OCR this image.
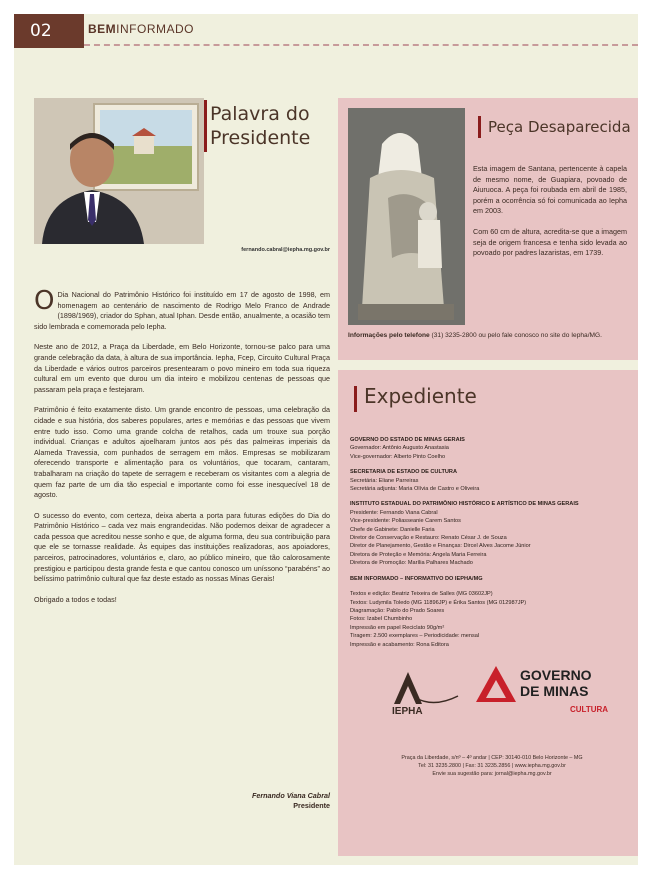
02	BEMINFORMADO
Palavra do
Presidente
fernando.cabral@iepha.mg.gov.br

O Dia Nacional do Patrimônio Histórico foi instituído em 17 de agosto de 1998, em homenagem ao centenário de nascimento de Rodrigo Melo Franco de Andrade (1898/1969), criador do Sphan, atual Iphan. Desde então, anualmente, a ocasião tem sido lembrada e comemorada pelo Iepha.

Neste ano de 2012, a Praça da Liberdade, em Belo Horizonte, tornou-se palco para uma grande celebração da data, à altura de sua importância. Iepha, Fcep, Circuito Cultural Praça da Liberdade e vários outros parceiros presentearam o povo mineiro em toda sua riqueza cultural em um evento que durou um dia inteiro e mobilizou centenas de pessoas que passaram pela praça e festejaram.

Patrimônio é feito exatamente disto. Um grande encontro de pessoas, uma celebração da cidade e sua história, dos saberes populares, artes e memórias e das pessoas que vivem entre tudo isso. Como uma grande colcha de retalhos, cada um trouxe sua porção individual. Crianças e adultos ajoelharam juntos aos pés das palmeiras imperiais da Alameda Travessia, com punhados de serragem em mãos. Empresas se mobilizaram oferecendo transporte e alimentação para os voluntários, que tocaram, cantaram, trabalharam na criação do tapete de serragem e receberam os visitantes com a alegria de quem faz parte de um dia tão especial e importante como foi esse inesquecível 18 de agosto.

O sucesso do evento, com certeza, deixa aberta a porta para futuras edições do Dia do Patrimônio Histórico – cada vez mais engrandecidas. Não podemos deixar de agradecer a cada pessoa que acreditou nesse sonho e que, de alguma forma, deu sua contribuição para que ele se tornasse realidade. Às equipes das instituições realizadoras, aos apoiadores, parceiros, patrocinadores, voluntários e, claro, ao público mineiro, que tão calorosamente prestigiou e participou desta grande festa e que cantou conosco um uníssono “parabéns” ao belíssimo patrimônio cultural que faz deste estado as nossas Minas Gerais!

Obrigado a todos e todas!

Fernando Viana Cabral
Presidente
Peça Desaparecida

Esta imagem de Santana, pertencente à capela de mesmo nome, de Guapiara, povoado de Aiuruoca. A peça foi roubada em abril de 1985, porém a ocorrência só foi comunicada ao Iepha em 2003.

Com 60 cm de altura, acredita-se que a imagem seja de origem francesa e tenha sido levada ao povoado por padres lazaristas, em 1739.

Informações pelo telefone (31) 3235-2800 ou pelo fale conosco no site do Iepha/MG.
Expediente
GOVERNO DO ESTADO DE MINAS GERAIS
Governador: Antônio Augusto Anastasia
Vice-governador: Alberto Pinto Coelho
SECRETARIA DE ESTADO DE CULTURA
Secretária: Eliane Parreiras
Secretária adjunta: Maria Olívia de Castro e Oliveira
INSTITUTO ESTADUAL DO PATRIMÔNIO HISTÓRICO E ARTÍSTICO DE MINAS GERAIS
Presidente: Fernando Viana Cabral
Vice-presidente: Poliasseanie Carem Santos
Chefe de Gabinete: Danielle Faria
Diretor de Conservação e Restauro: Renato César J. de Souza
Diretor de Planejamento, Gestão e Finanças: Dircel Alves Jacome Júnior
Diretora de Proteção e Memória: Angela Maria Ferreira
Diretora de Promoção: Marília Palhares Machado
BEM INFORMADO – INFORMATIVO DO IEPHA/MG
Textos e edição: Beatriz Teixeira de Salles (MG 03602JP)
Textos: Ludymila Toledo (MG 11896JP) e Érika Santos (MG 012987JP)
Diagramação: Pablo do Prado Soares
Fotos: Izabel Chumbinho
Impressão em papel Reciclato 90g/m²
Tiragem: 2.500 exemplares – Periodicidade: mensal
Impressão e acabamento: Rona Editora
IEPHA
GOVERNO
DE MINAS
CULTURA
Praça da Liberdade, s/nº – 4º andar | CEP: 30140-010 Belo Horizonte – MG
Tel: 31 3235.2800 | Fax: 31 3235.2856 | www.iepha.mg.gov.br
Envie sua sugestão para: jornal@iepha.mg.gov.br
